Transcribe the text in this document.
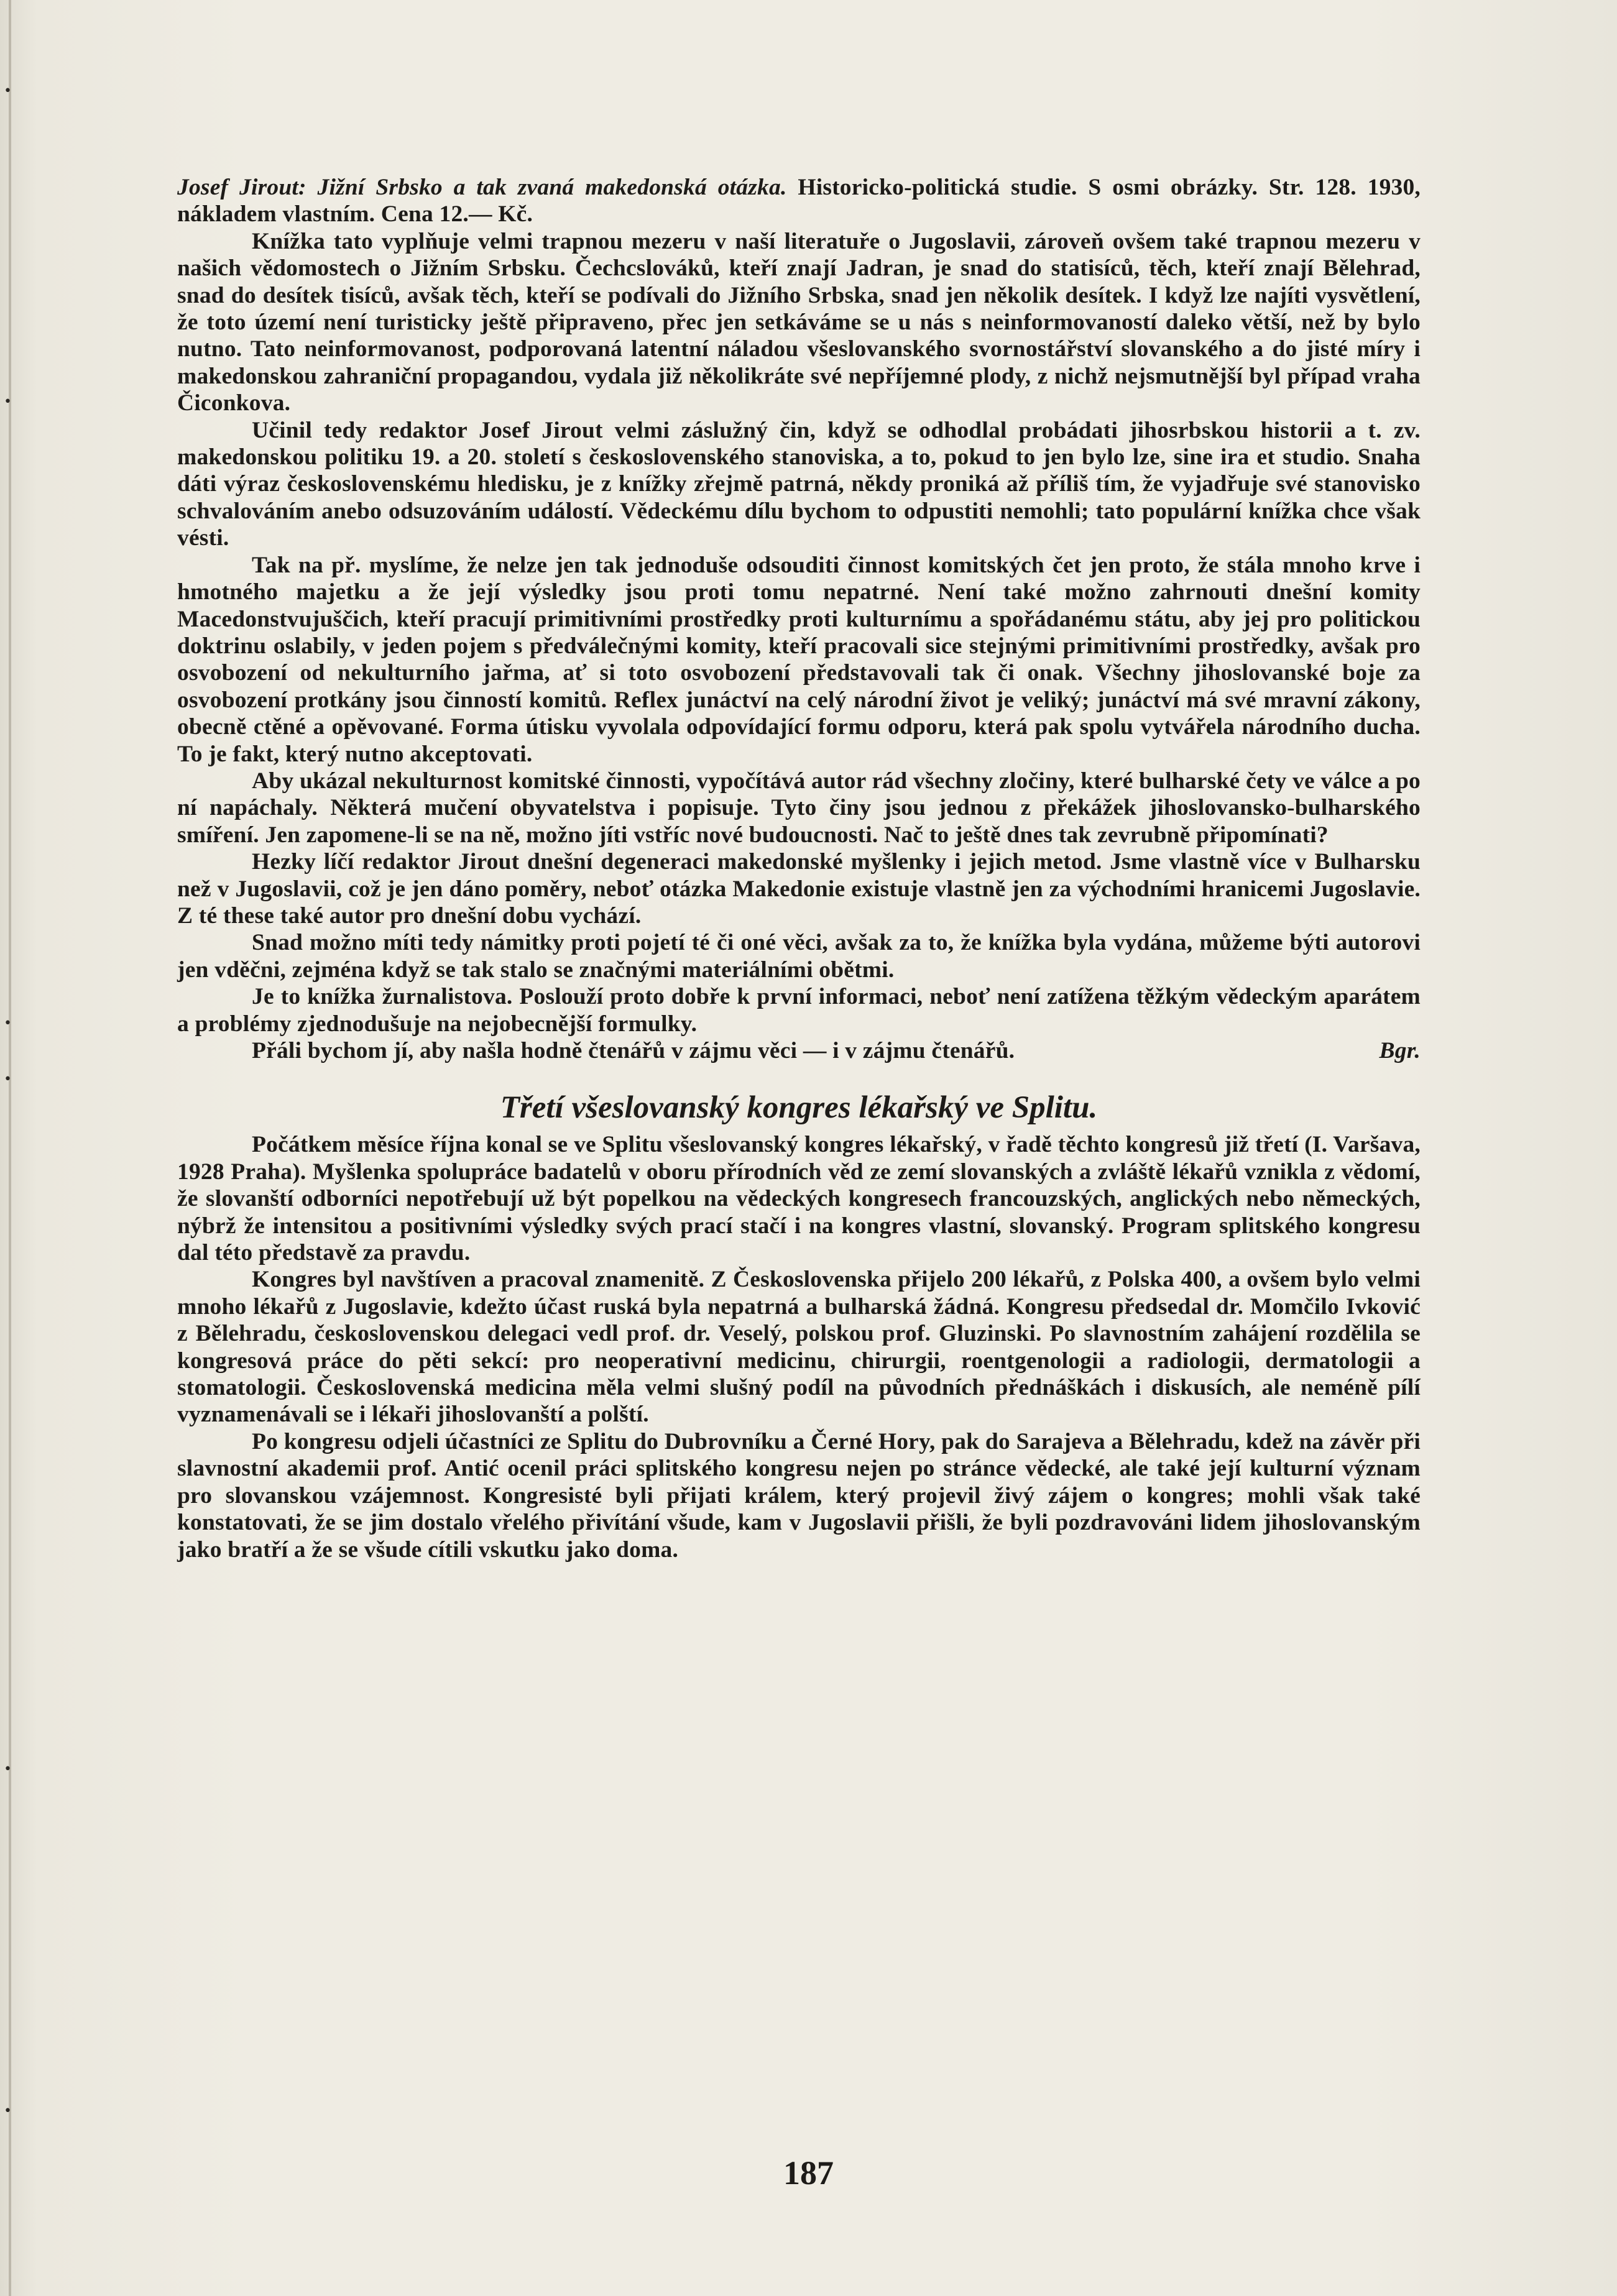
•
•
•
•
•
•

Josef Jirout: Jižní Srbsko a tak zvaná makedonská otázka. Historicko-politická studie. S osmi obrázky. Str. 128. 1930, nákladem vlastním. Cena 12.— Kč.

Knížka tato vyplňuje velmi trapnou mezeru v naší literatuře o Jugoslavii, zároveň ovšem také trapnou mezeru v našich vědomostech o Jižním Srbsku. Čechcslováků, kteří znají Jadran, je snad do statisíců, těch, kteří znají Bělehrad, snad do desítek tisíců, avšak těch, kteří se podívali do Jižního Srbska, snad jen několik desítek. I když lze najíti vysvětlení, že toto území není turisticky ještě připraveno, přec jen setkáváme se u nás s neinformovaností daleko větší, než by bylo nutno. Tato neinformovanost, podporovaná latentní náladou všeslovanského svornostářství slovanského a do jisté míry i makedonskou zahraniční propagandou, vydala již několikráte své nepříjemné plody, z nichž nejsmutnější byl případ vraha Čiconkova.

Učinil tedy redaktor Josef Jirout velmi záslužný čin, když se odhodlal probádati jihosrbskou historii a t. zv. makedonskou politiku 19. a 20. století s československého stanoviska, a to, pokud to jen bylo lze, sine ira et studio. Snaha dáti výraz československému hledisku, je z knížky zřejmě patrná, někdy proniká až příliš tím, že vyjadřuje své stanovisko schvalováním anebo odsuzováním událostí. Vědeckému dílu bychom to odpustiti nemohli; tato populární knížka chce však vésti.

Tak na př. myslíme, že nelze jen tak jednoduše odsouditi činnost komitských čet jen proto, že stála mnoho krve i hmotného majetku a že její výsledky jsou proti tomu nepatrné. Není také možno zahrnouti dnešní komity Macedonstvujuščich, kteří pracují primitivními prostředky proti kulturnímu a spořádanému státu, aby jej pro politickou doktrinu oslabily, v jeden pojem s předválečnými komity, kteří pracovali sice stejnými primitivními prostředky, avšak pro osvobození od nekulturního jařma, ať si toto osvobození představovali tak či onak. Všechny jihoslovanské boje za osvobození protkány jsou činností komitů. Reflex junáctví na celý národní život je veliký; junáctví má své mravní zákony, obecně ctěné a opěvované. Forma útisku vyvolala odpovídající formu odporu, která pak spolu vytvářela národního ducha. To je fakt, který nutno akceptovati.

Aby ukázal nekulturnost komitské činnosti, vypočítává autor rád všechny zločiny, které bulharské čety ve válce a po ní napáchaly. Některá mučení obyvatelstva i popisuje. Tyto činy jsou jednou z překážek jihoslovansko-bulharského smíření. Jen zapomene-li se na ně, možno jíti vstříc nové budoucnosti. Nač to ještě dnes tak zevrubně připomínati?

Hezky líčí redaktor Jirout dnešní degeneraci makedonské myšlenky i jejich metod. Jsme vlastně více v Bulharsku než v Jugoslavii, což je jen dáno poměry, neboť otázka Makedonie existuje vlastně jen za východními hranicemi Jugoslavie. Z té these také autor pro dnešní dobu vychází.

Snad možno míti tedy námitky proti pojetí té či oné věci, avšak za to, že knížka byla vydána, můžeme býti autorovi jen vděčni, zejména když se tak stalo se značnými materiálními obětmi.

Je to knížka žurnalistova. Poslouží proto dobře k první informaci, neboť není zatížena těžkým vědeckým aparátem a problémy zjednodušuje na nejobecnější formulky.

Přáli bychom jí, aby našla hodně čtenářů v zájmu věci — i v zájmu čtenářů.	Bgr.

Třetí všeslovanský kongres lékařský ve Splitu.

Počátkem měsíce října konal se ve Splitu všeslovanský kongres lékařský, v řadě těchto kongresů již třetí (I. Varšava, 1928 Praha). Myšlenka spolupráce badatelů v oboru přírodních věd ze zemí slovanských a zvláště lékařů vznikla z vědomí, že slovanští odborníci nepotřebují už být popelkou na vědeckých kongresech francouzských, anglických nebo německých, nýbrž že intensitou a positivními výsledky svých prací stačí i na kongres vlastní, slovanský. Program splitského kongresu dal této představě za pravdu.

Kongres byl navštíven a pracoval znamenitě. Z Československa přijelo 200 lékařů, z Polska 400, a ovšem bylo velmi mnoho lékařů z Jugoslavie, kdežto účast ruská byla nepatrná a bulharská žádná. Kongresu předsedal dr. Momčilo Ivković z Bělehradu, československou delegaci vedl prof. dr. Veselý, polskou prof. Gluzinski. Po slavnostním zahájení rozdělila se kongresová práce do pěti sekcí: pro neoperativní medicinu, chirurgii, roentgenologii a radiologii, dermatologii a stomatologii. Československá medicina měla velmi slušný podíl na původních přednáškách i diskusích, ale neméně pílí vyznamenávali se i lékaři jihoslovanští a polští.

Po kongresu odjeli účastníci ze Splitu do Dubrovníku a Černé Hory, pak do Sarajeva a Bělehradu, kdež na závěr při slavnostní akademii prof. Antić ocenil práci splitského kongresu nejen po stránce vědecké, ale také její kulturní význam pro slovanskou vzájemnost. Kongresisté byli přijati králem, který projevil živý zájem o kongres; mohli však také konstatovati, že se jim dostalo vřelého přivítání všude, kam v Jugoslavii přišli, že byli pozdravováni lidem jihoslovanským jako bratří a že se všude cítili vskutku jako doma.

187
